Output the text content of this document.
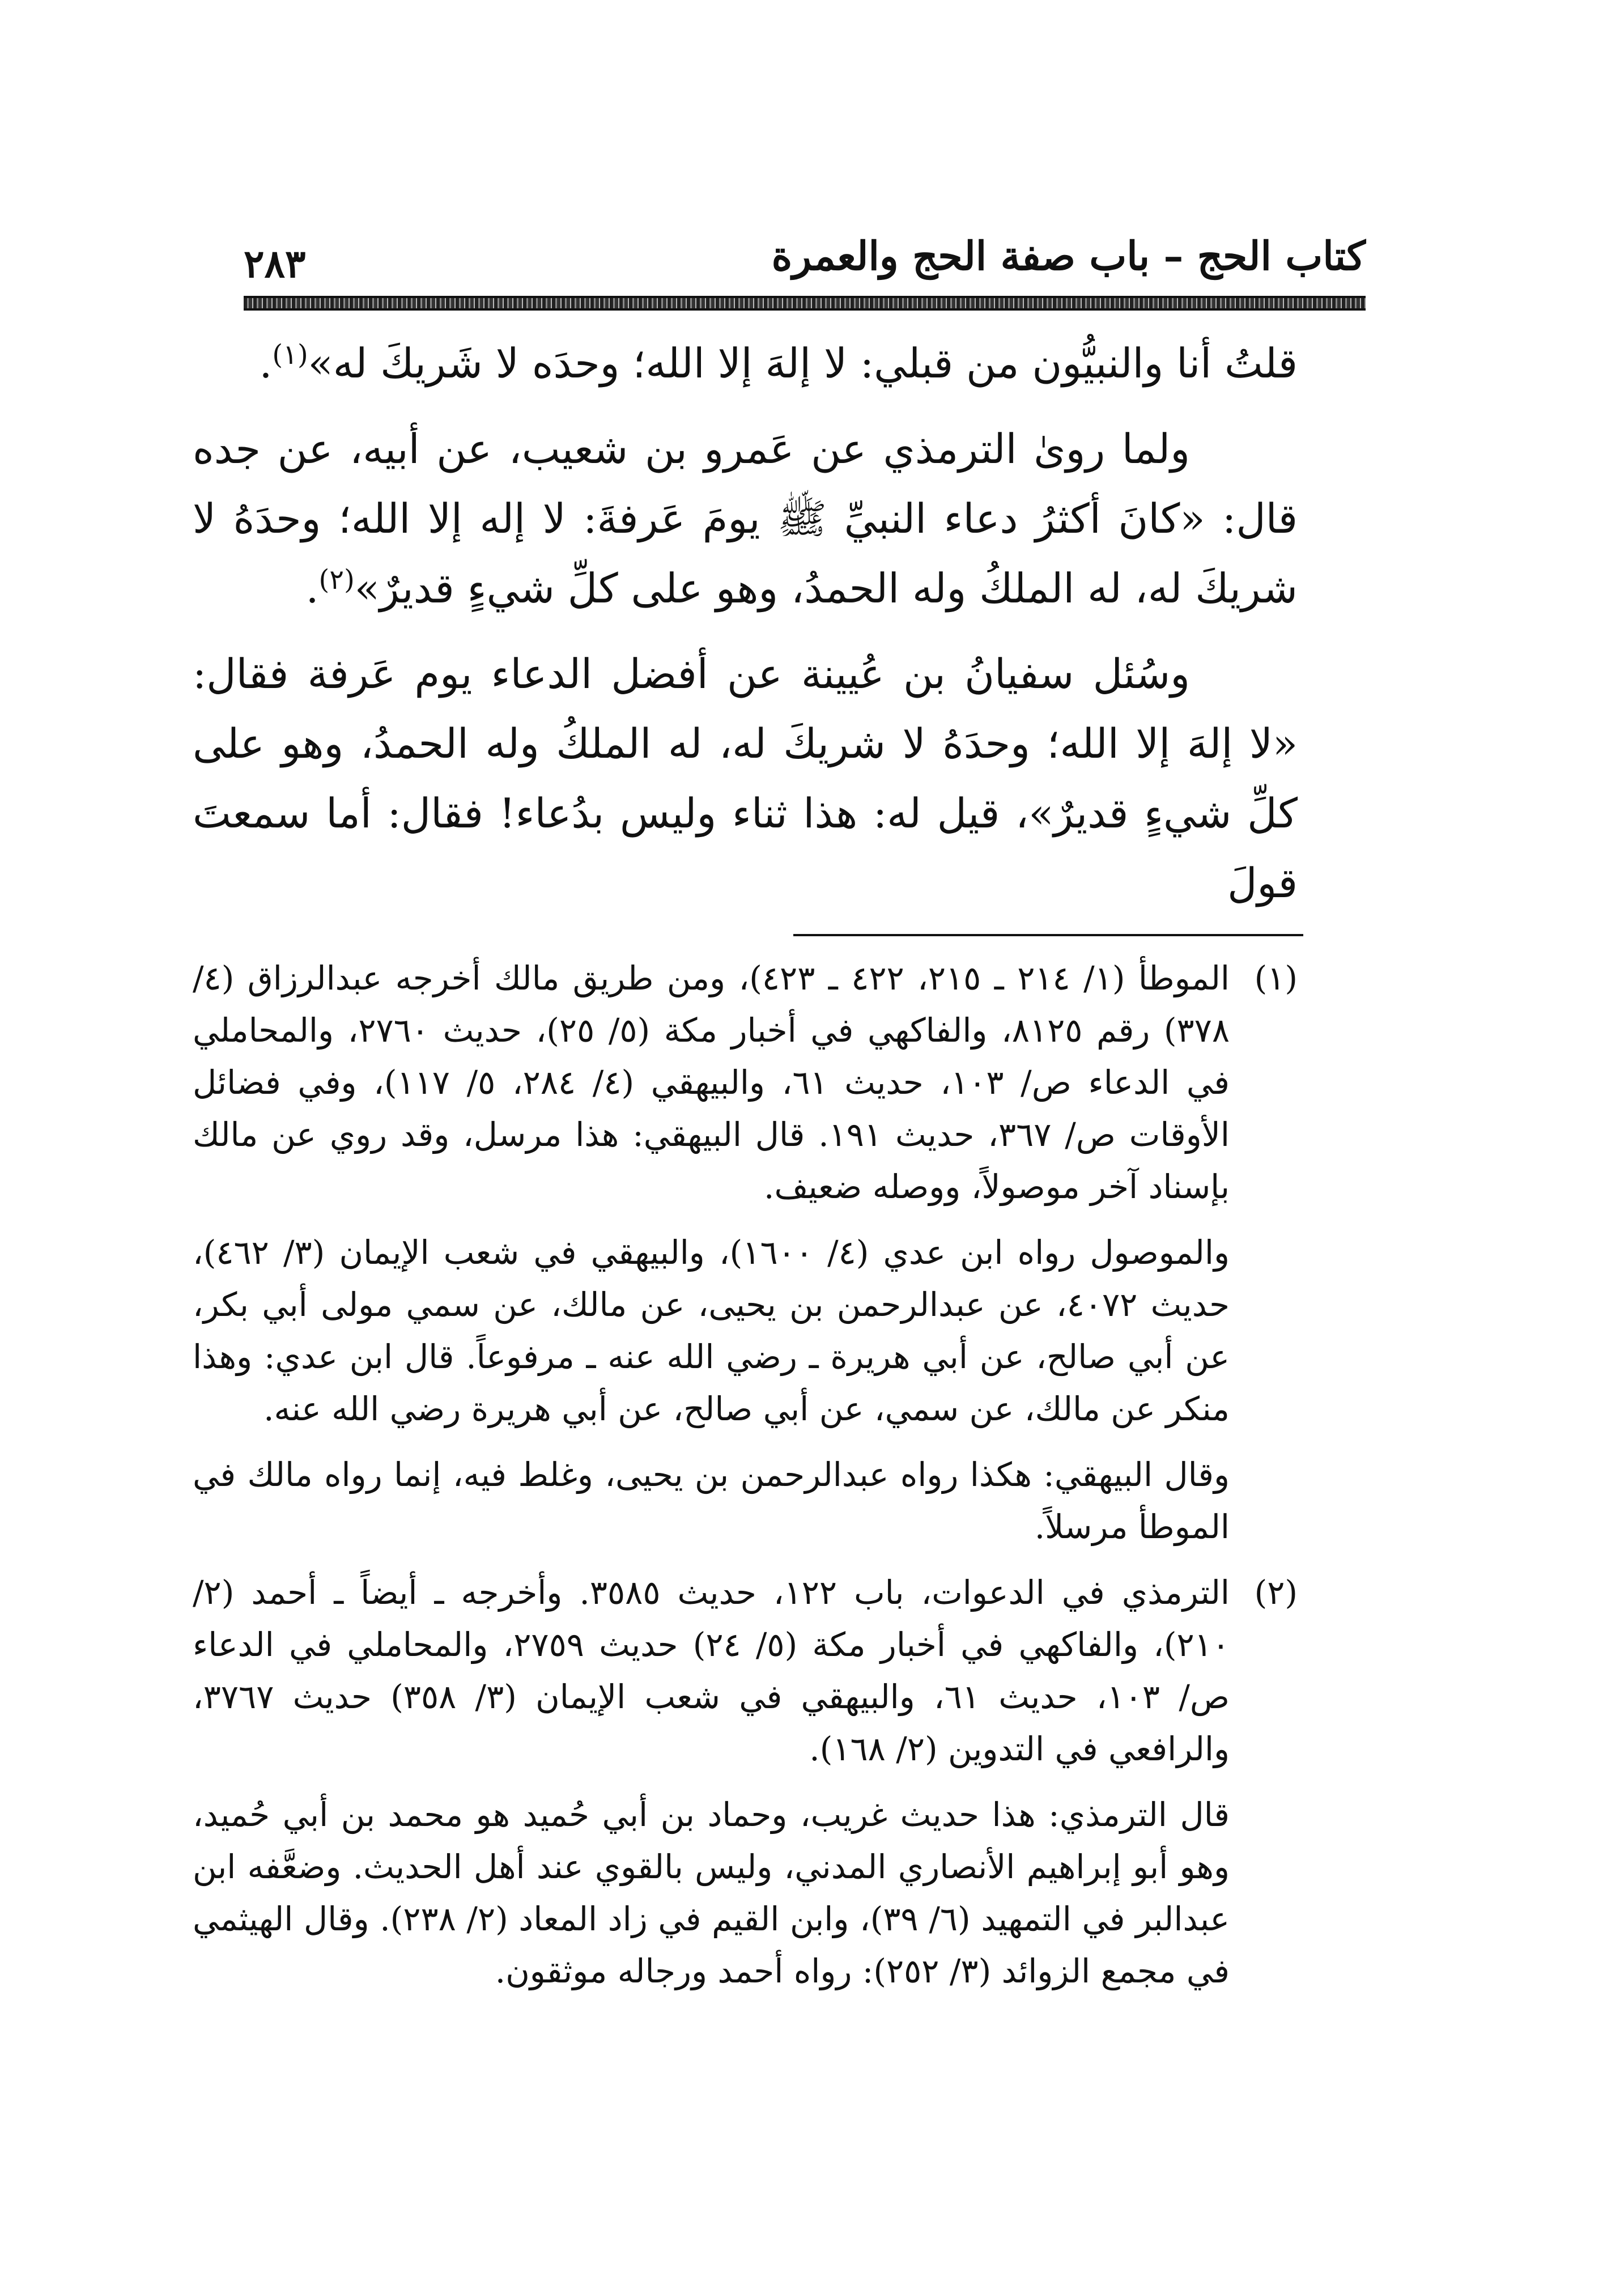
٢٨٣	كتاب الحج – باب صفة الحج والعمرة

قلتُ أنا والنبيُّون من قبلي: لا إلهَ إلا الله؛ وحدَه لا شَريكَ له»$^{(١)}$.

ولما روىٰ الترمذي عن عَمرو بن شعيب، عن أبيه، عن جده قال: «كانَ أكثرُ دعاء النبيِّ ﷺ يومَ عَرفةَ: لا إله إلا الله؛ وحدَهُ لا شريكَ له، له الملكُ وله الحمدُ، وهو على كلِّ شيءٍ قديرٌ»$^{(٢)}$.

وسُئل سفيانُ بن عُيينة عن أفضل الدعاء يوم عَرفة فقال: «لا إلهَ إلا الله؛ وحدَهُ لا شريكَ له، له الملكُ وله الحمدُ، وهو على كلِّ شيءٍ قديرٌ»، قيل له: هذا ثناء وليس بدُعاء! فقال: أما سمعتَ قولَ

(١)

الموطأ (١/ ٢١٤ ـ ٢١٥، ٤٢٢ ـ ٤٢٣)، ومن طريق مالك أخرجه عبدالرزاق (٤/ ٣٧٨) رقم ٨١٢٥، والفاكهي في أخبار مكة (٥/ ٢٥)، حديث ٢٧٦٠، والمحاملي في الدعاء ص/ ١٠٣، حديث ٦١، والبيهقي (٤/ ٢٨٤، ٥/ ١١٧)، وفي فضائل الأوقات ص/ ٣٦٧، حديث ١٩١. قال البيهقي: هذا مرسل، وقد روي عن مالك بإسناد آخر موصولاً، ووصله ضعيف.

والموصول رواه ابن عدي (٤/ ١٦٠٠)، والبيهقي في شعب الإيمان (٣/ ٤٦٢)، حديث ٤٠٧٢، عن عبدالرحمن بن يحيى، عن مالك، عن سمي مولى أبي بكر، عن أبي صالح، عن أبي هريرة ـ رضي الله عنه ـ مرفوعاً. قال ابن عدي: وهذا منكر عن مالك، عن سمي، عن أبي صالح، عن أبي هريرة رضي الله عنه.

وقال البيهقي: هكذا رواه عبدالرحمن بن يحيى، وغلط فيه، إنما رواه مالك في الموطأ مرسلاً.

(٢)

الترمذي في الدعوات، باب ١٢٢، حديث ٣٥٨٥. وأخرجه ـ أيضاً ـ أحمد (٢/ ٢١٠)، والفاكهي في أخبار مكة (٥/ ٢٤) حديث ٢٧٥٩، والمحاملي في الدعاء ص/ ١٠٣، حديث ٦١، والبيهقي في شعب الإيمان (٣/ ٣٥٨) حديث ٣٧٦٧، والرافعي في التدوين (٢/ ١٦٨).

قال الترمذي: هذا حديث غريب، وحماد بن أبي حُميد هو محمد بن أبي حُميد، وهو أبو إبراهيم الأنصاري المدني، وليس بالقوي عند أهل الحديث. وضعَّفه ابن عبدالبر في التمهيد (٦/ ٣٩)، وابن القيم في زاد المعاد (٢/ ٢٣٨). وقال الهيثمي في مجمع الزوائد (٣/ ٢٥٢): رواه أحمد ورجاله موثقون.
